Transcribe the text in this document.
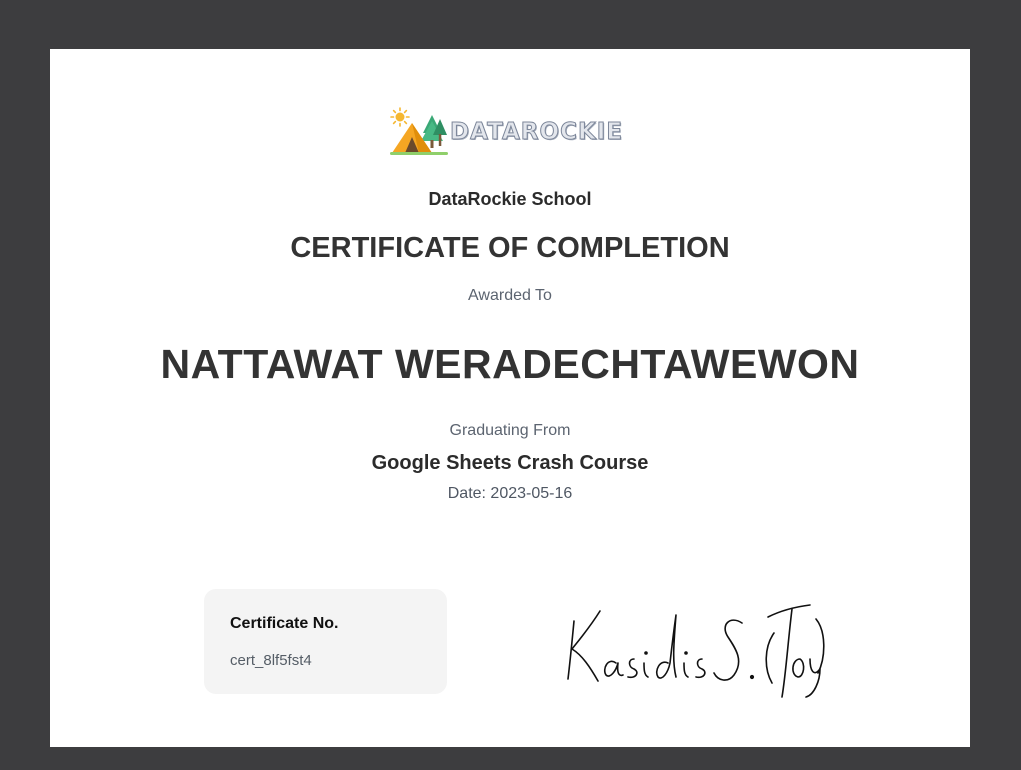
DATAROCKIE
DataRockie School
CERTIFICATE OF COMPLETION
Awarded To
NATTAWAT WERADECHTAWEWON
Graduating From
Google Sheets Crash Course
Date: 2023-05-16
Certificate No.
cert_8lf5fst4
Kasidis S. (Toy)
